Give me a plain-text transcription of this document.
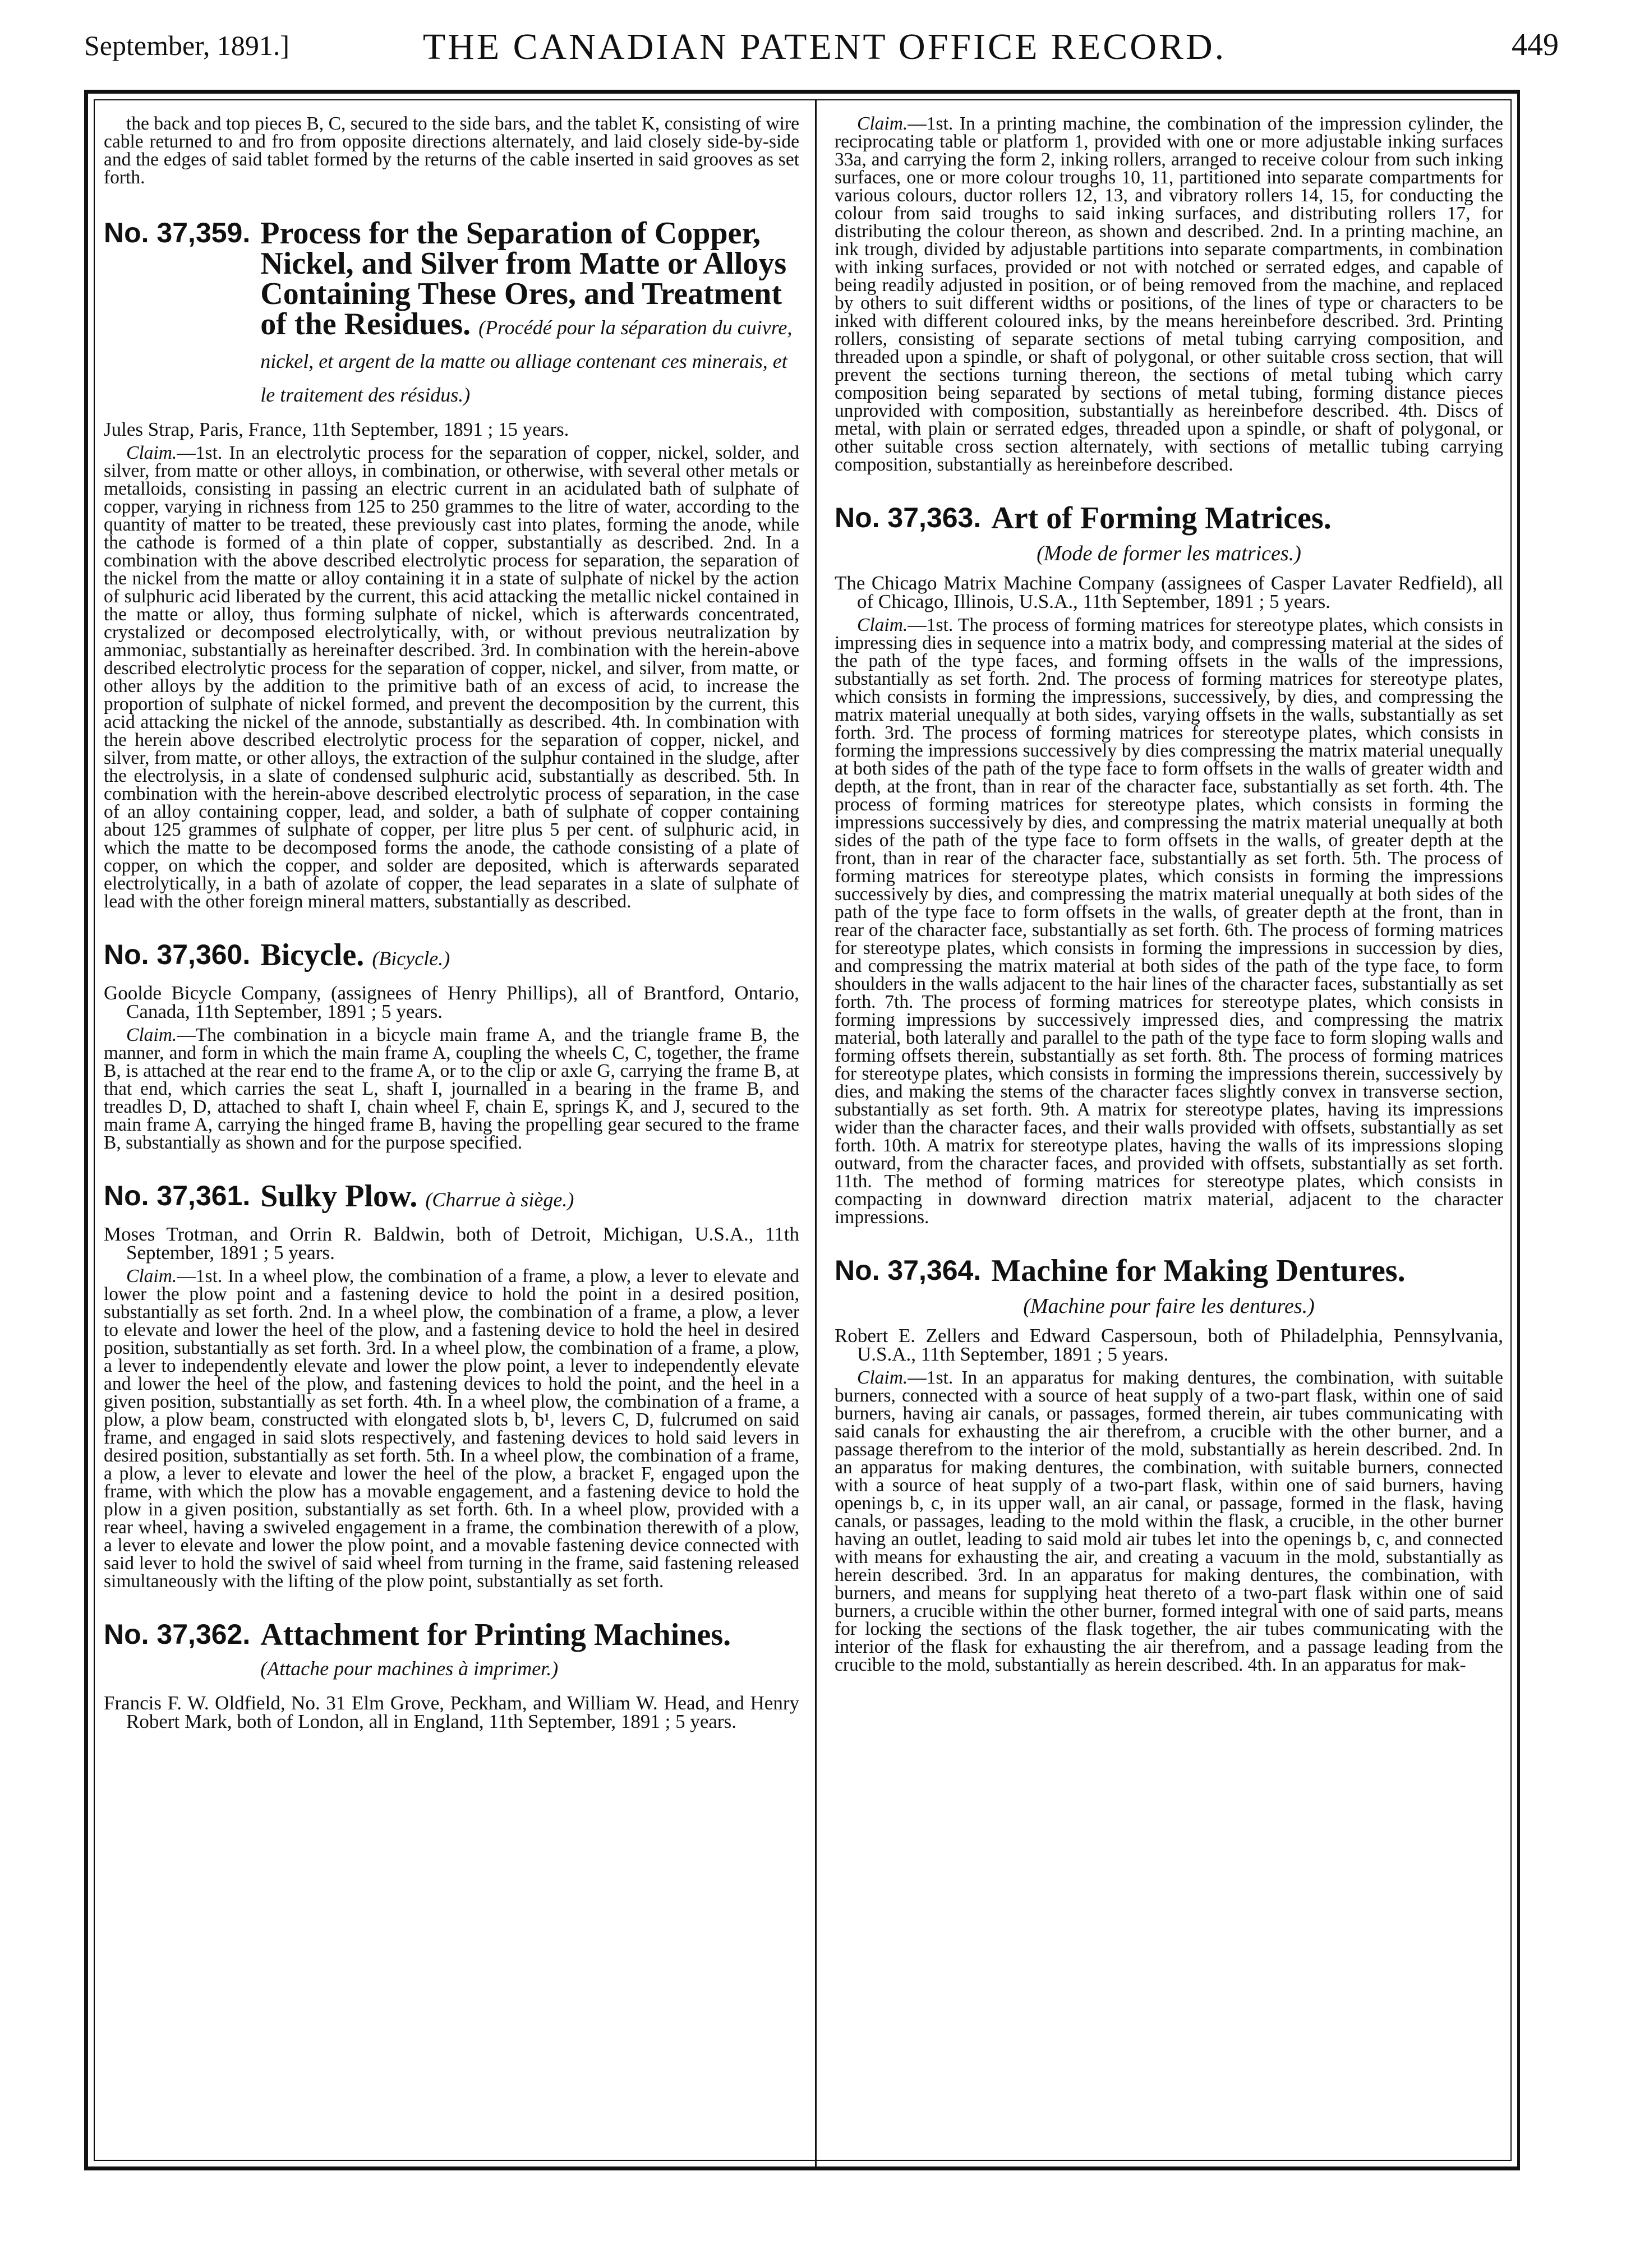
September, 1891.]	THE CANADIAN PATENT OFFICE RECORD.	449

the back and top pieces B, C, secured to the side bars, and the tablet K, consisting of wire cable returned to and fro from opposite directions alternately, and laid closely side-by-side and the edges of said tablet formed by the returns of the cable inserted in said grooves as set forth.

No. 37,359. Process for the Separation of Copper, Nickel, and Silver from Matte or Alloys Containing These Ores, and Treatment of the Residues. (Procédé pour la séparation du cuivre, nickel, et argent de la matte ou alliage contenant ces minerais, et le traitement des résidus.)

Jules Strap, Paris, France, 11th September, 1891 ; 15 years.

Claim.—1st. In an electrolytic process for the separation of copper, nickel, solder, and silver, from matte or other alloys, in combination, or otherwise, with several other metals or metalloids, consisting in passing an electric current in an acidulated bath of sulphate of copper, varying in richness from 125 to 250 grammes to the litre of water, according to the quantity of matter to be treated, these previously cast into plates, forming the anode, while the cathode is formed of a thin plate of copper, substantially as described. 2nd. In a combination with the above described electrolytic process for separation, the separation of the nickel from the matte or alloy containing it in a state of sulphate of nickel by the action of sulphuric acid liberated by the current, this acid attacking the metallic nickel contained in the matte or alloy, thus forming sulphate of nickel, which is afterwards concentrated, crystalized or decomposed electrolytically, with, or without previous neutralization by ammoniac, substantially as hereinafter described. 3rd. In combination with the herein-above described electrolytic process for the separation of copper, nickel, and silver, from matte, or other alloys by the addition to the primitive bath of an excess of acid, to increase the proportion of sulphate of nickel formed, and prevent the decomposition by the current, this acid attacking the nickel of the annode, substantially as described. 4th. In combination with the herein above described electrolytic process for the separation of copper, nickel, and silver, from matte, or other alloys, the extraction of the sulphur contained in the sludge, after the electrolysis, in a slate of condensed sulphuric acid, substantially as described. 5th. In combination with the herein-above described electrolytic process of separation, in the case of an alloy containing copper, lead, and solder, a bath of sulphate of copper containing about 125 grammes of sulphate of copper, per litre plus 5 per cent. of sulphuric acid, in which the matte to be decomposed forms the anode, the cathode consisting of a plate of copper, on which the copper, and solder are deposited, which is afterwards separated electrolytically, in a bath of azolate of copper, the lead separates in a slate of sulphate of lead with the other foreign mineral matters, substantially as described.

No. 37,360. Bicycle. (Bicycle.)

Goolde Bicycle Company, (assignees of Henry Phillips), all of Brantford, Ontario, Canada, 11th September, 1891 ; 5 years.

Claim.—The combination in a bicycle main frame A, and the triangle frame B, the manner, and form in which the main frame A, coupling the wheels C, C, together, the frame B, is attached at the rear end to the frame A, or to the clip or axle G, carrying the frame B, at that end, which carries the seat L, shaft I, journalled in a bearing in the frame B, and treadles D, D, attached to shaft I, chain wheel F, chain E, springs K, and J, secured to the main frame A, carrying the hinged frame B, having the propelling gear secured to the frame B, substantially as shown and for the purpose specified.

No. 37,361. Sulky Plow. (Charrue à siège.)

Moses Trotman, and Orrin R. Baldwin, both of Detroit, Michigan, U.S.A., 11th September, 1891 ; 5 years.

Claim.—1st. In a wheel plow, the combination of a frame, a plow, a lever to elevate and lower the plow point and a fastening device to hold the point in a desired position, substantially as set forth. 2nd. In a wheel plow, the combination of a frame, a plow, a lever to elevate and lower the heel of the plow, and a fastening device to hold the heel in desired position, substantially as set forth. 3rd. In a wheel plow, the combination of a frame, a plow, a lever to independently elevate and lower the plow point, a lever to independently elevate and lower the heel of the plow, and fastening devices to hold the point, and the heel in a given position, substantially as set forth. 4th. In a wheel plow, the combination of a frame, a plow, a plow beam, constructed with elongated slots b, b¹, levers C, D, fulcrumed on said frame, and engaged in said slots respectively, and fastening devices to hold said levers in desired position, substantially as set forth. 5th. In a wheel plow, the combination of a frame, a plow, a lever to elevate and lower the heel of the plow, a bracket F, engaged upon the frame, with which the plow has a movable engagement, and a fastening device to hold the plow in a given position, substantially as set forth. 6th. In a wheel plow, provided with a rear wheel, having a swiveled engagement in a frame, the combination therewith of a plow, a lever to elevate and lower the plow point, and a movable fastening device connected with said lever to hold the swivel of said wheel from turning in the frame, said fastening released simultaneously with the lifting of the plow point, substantially as set forth.

No. 37,362. Attachment for Printing Machines. (Attache pour machines à imprimer.)

Francis F. W. Oldfield, No. 31 Elm Grove, Peckham, and William W. Head, and Henry Robert Mark, both of London, all in England, 11th September, 1891 ; 5 years.

Claim.—1st. In a printing machine, the combination of the impression cylinder, the reciprocating table or platform 1, provided with one or more adjustable inking surfaces 33a, and carrying the form 2, inking rollers, arranged to receive colour from such inking surfaces, one or more colour troughs 10, 11, partitioned into separate compartments for various colours, ductor rollers 12, 13, and vibratory rollers 14, 15, for conducting the colour from said troughs to said inking surfaces, and distributing rollers 17, for distributing the colour thereon, as shown and described. 2nd. In a printing machine, an ink trough, divided by adjustable partitions into separate compartments, in combination with inking surfaces, provided or not with notched or serrated edges, and capable of being readily adjusted in position, or of being removed from the machine, and replaced by others to suit different widths or positions, of the lines of type or characters to be inked with different coloured inks, by the means hereinbefore described. 3rd. Printing rollers, consisting of separate sections of metal tubing carrying composition, and threaded upon a spindle, or shaft of polygonal, or other suitable cross section, that will prevent the sections turning thereon, the sections of metal tubing which carry composition being separated by sections of metal tubing, forming distance pieces unprovided with composition, substantially as hereinbefore described. 4th. Discs of metal, with plain or serrated edges, threaded upon a spindle, or shaft of polygonal, or other suitable cross section alternately, with sections of metallic tubing carrying composition, substantially as hereinbefore described.

No. 37,363. Art of Forming Matrices.
(Mode de former les matrices.)

The Chicago Matrix Machine Company (assignees of Casper Lavater Redfield), all of Chicago, Illinois, U.S.A., 11th September, 1891 ; 5 years.

Claim.—1st. The process of forming matrices for stereotype plates, which consists in impressing dies in sequence into a matrix body, and compressing material at the sides of the path of the type faces, and forming offsets in the walls of the impressions, substantially as set forth. 2nd. The process of forming matrices for stereotype plates, which consists in forming the impressions, successively, by dies, and compressing the matrix material unequally at both sides, varying offsets in the walls, substantially as set forth. 3rd. The process of forming matrices for stereotype plates, which consists in forming the impressions successively by dies compressing the matrix material unequally at both sides of the path of the type face to form offsets in the walls of greater width and depth, at the front, than in rear of the character face, substantially as set forth. 4th. The process of forming matrices for stereotype plates, which consists in forming the impressions successively by dies, and compressing the matrix material unequally at both sides of the path of the type face to form offsets in the walls, of greater depth at the front, than in rear of the character face, substantially as set forth. 5th. The process of forming matrices for stereotype plates, which consists in forming the impressions successively by dies, and compressing the matrix material unequally at both sides of the path of the type face to form offsets in the walls, of greater depth at the front, than in rear of the character face, substantially as set forth. 6th. The process of forming matrices for stereotype plates, which consists in forming the impressions in succession by dies, and compressing the matrix material at both sides of the path of the type face, to form shoulders in the walls adjacent to the hair lines of the character faces, substantially as set forth. 7th. The process of forming matrices for stereotype plates, which consists in forming impressions by successively impressed dies, and compressing the matrix material, both laterally and parallel to the path of the type face to form sloping walls and forming offsets therein, substantially as set forth. 8th. The process of forming matrices for stereotype plates, which consists in forming the impressions therein, successively by dies, and making the stems of the character faces slightly convex in transverse section, substantially as set forth. 9th. A matrix for stereotype plates, having its impressions wider than the character faces, and their walls provided with offsets, substantially as set forth. 10th. A matrix for stereotype plates, having the walls of its impressions sloping outward, from the character faces, and provided with offsets, substantially as set forth. 11th. The method of forming matrices for stereotype plates, which consists in compacting in downward direction matrix material, adjacent to the character impressions.

No. 37,364. Machine for Making Dentures.
(Machine pour faire les dentures.)

Robert E. Zellers and Edward Caspersoun, both of Philadelphia, Pennsylvania, U.S.A., 11th September, 1891 ; 5 years.

Claim.—1st. In an apparatus for making dentures, the combination, with suitable burners, connected with a source of heat supply of a two-part flask, within one of said burners, having air canals, or passages, formed therein, air tubes communicating with said canals for exhausting the air therefrom, a crucible with the other burner, and a passage therefrom to the interior of the mold, substantially as herein described. 2nd. In an apparatus for making dentures, the combination, with suitable burners, connected with a source of heat supply of a two-part flask, within one of said burners, having openings b, c, in its upper wall, an air canal, or passage, formed in the flask, having canals, or passages, leading to the mold within the flask, a crucible, in the other burner having an outlet, leading to said mold air tubes let into the openings b, c, and connected with means for exhausting the air, and creating a vacuum in the mold, substantially as herein described. 3rd. In an apparatus for making dentures, the combination, with burners, and means for supplying heat thereto of a two-part flask within one of said burners, a crucible within the other burner, formed integral with one of said parts, means for locking the sections of the flask together, the air tubes communicating with the interior of the flask for exhausting the air therefrom, and a passage leading from the crucible to the mold, substantially as herein described. 4th. In an apparatus for mak-
